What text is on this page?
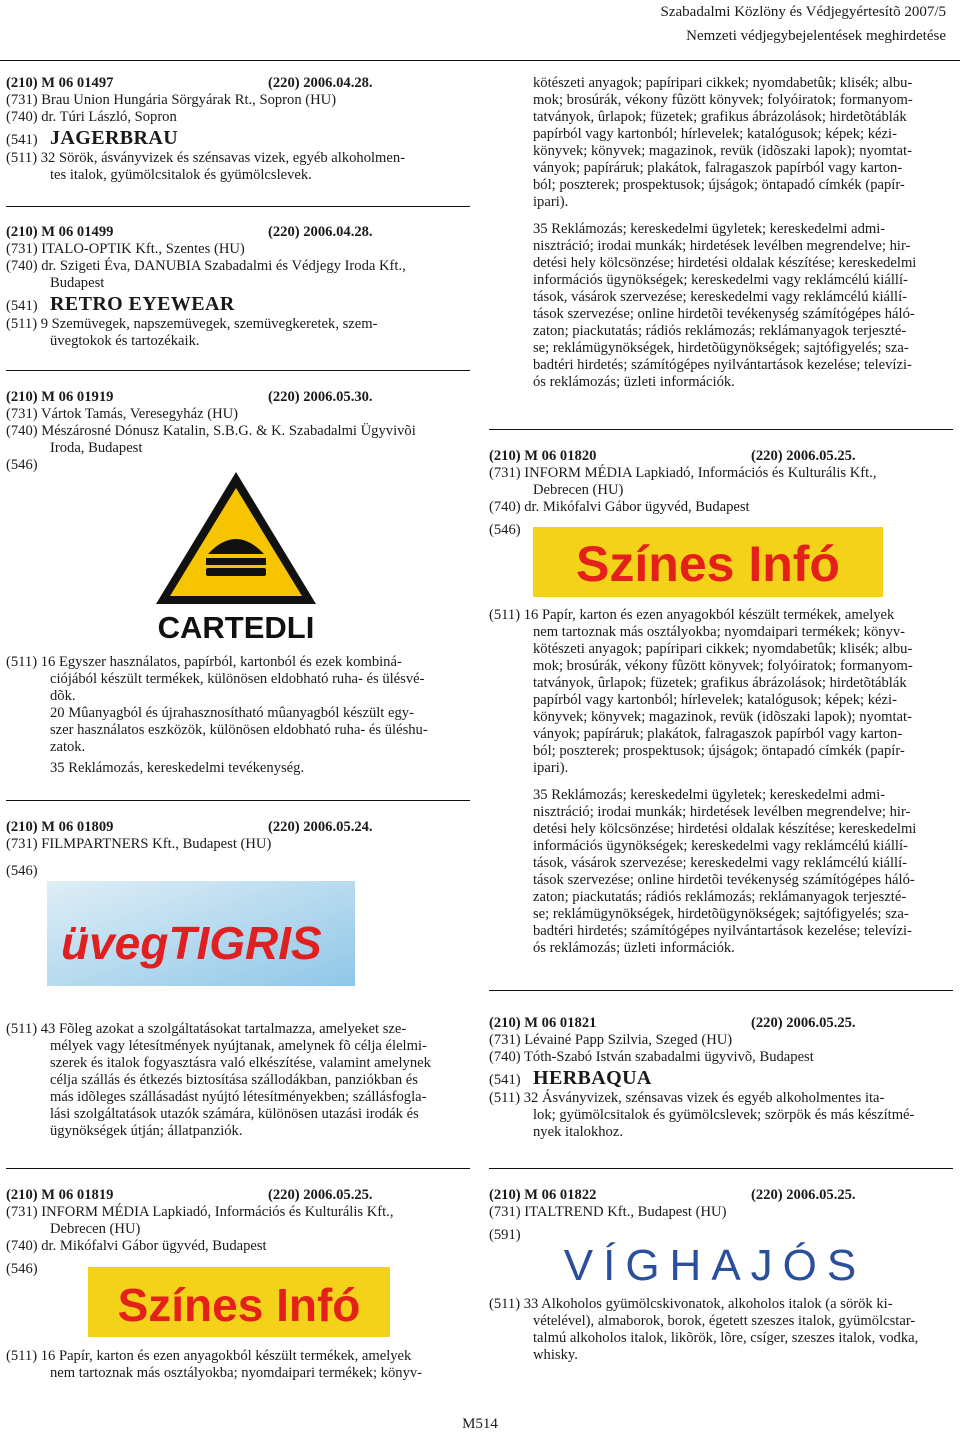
Szabadalmi Közlöny és Védjegyértesítõ 2007/5
Nemzeti védjegybejelentések meghirdetése
(210) M 06 01497	(220) 2006.04.28.
(731) Brau Union Hungária Sörgyárak Rt., Sopron (HU)
(740) dr. Túri László, Sopron
(541) JAGERBRAU
(511) 32 Sörök, ásványvizek és szénsavas vizek, egyéb alkoholmen-
tes italok, gyümölcsitalok és gyümölcslevek.
(210) M 06 01499	(220) 2006.04.28.
(731) ITALO-OPTIK Kft., Szentes (HU)
(740) dr. Szigeti Éva, DANUBIA Szabadalmi és Védjegy Iroda Kft.,
Budapest
(541) RETRO EYEWEAR
(511) 9 Szemüvegek, napszemüvegek, szemüvegkeretek, szem-
üvegtokok és tartozékaik.
(210) M 06 01919	(220) 2006.05.30.
(731) Vártok Tamás, Veresegyház (HU)
(740) Mészárosné Dónusz Katalin, S.B.G. & K. Szabadalmi Ügyvivõi
Iroda, Budapest
(546)
CARTEDLI
(511) 16 Egyszer használatos, papírból, kartonból és ezek kombiná-
ciójából készült termékek, különösen eldobható ruha- és ülésvé-
dõk.
20 Mûanyagból és újrahasznosítható mûanyagból készült egy-
szer használatos eszközök, különösen eldobható ruha- és üléshu-
zatok.
35 Reklámozás, kereskedelmi tevékenység.
(210) M 06 01809	(220) 2006.05.24.
(731) FILMPARTNERS Kft., Budapest (HU)
(546)
üvegTIGRIS
(511) 43 Fõleg azokat a szolgáltatásokat tartalmazza, amelyeket sze-
mélyek vagy létesítmények nyújtanak, amelynek fõ célja élelmi-
szerek és italok fogyasztásra való elkészítése, valamint amelynek
célja szállás és étkezés biztosítása szállodákban, panziókban és
más idõleges szállásadást nyújtó létesítményekben; szállásfogla-
lási szolgáltatások utazók számára, különösen utazási irodák és
ügynökségek útján; állatpanziók.
(210) M 06 01819	(220) 2006.05.25.
(731) INFORM MÉDIA Lapkiadó, Információs és Kulturális Kft.,
Debrecen (HU)
(740) dr. Mikófalvi Gábor ügyvéd, Budapest
(546)
Színes Infó
(511) 16 Papír, karton és ezen anyagokból készült termékek, amelyek
nem tartoznak más osztályokba; nyomdaipari termékek; könyv-
kötészeti anyagok; papíripari cikkek; nyomdabetûk; klisék; albu-
mok; brosúrák, vékony fûzött könyvek; folyóiratok; formanyom-
tatványok, ûrlapok; füzetek; grafikus ábrázolások; hirdetõtáblák
papírból vagy kartonból; hírlevelek; katalógusok; képek; kézi-
könyvek; könyvek; magazinok, revük (idõszaki lapok); nyomtat-
ványok; papíráruk; plakátok, falragaszok papírból vagy karton-
ból; poszterek; prospektusok; újságok; öntapadó címkék (papír-
ipari).
35 Reklámozás; kereskedelmi ügyletek; kereskedelmi admi-
nisztráció; irodai munkák; hirdetések levélben megrendelve; hir-
detési hely kölcsönzése; hirdetési oldalak készítése; kereskedelmi
információs ügynökségek; kereskedelmi vagy reklámcélú kiállí-
tások, vásárok szervezése; kereskedelmi vagy reklámcélú kiállí-
tások szervezése; online hirdetõi tevékenység számítógépes háló-
zaton; piackutatás; rádiós reklámozás; reklámanyagok terjeszté-
se; reklámügynökségek, hirdetõügynökségek; sajtófigyelés; sza-
badtéri hirdetés; számítógépes nyilvántartások kezelése; televízi-
ós reklámozás; üzleti információk.
(210) M 06 01820	(220) 2006.05.25.
(731) INFORM MÉDIA Lapkiadó, Információs és Kulturális Kft.,
Debrecen (HU)
(740) dr. Mikófalvi Gábor ügyvéd, Budapest
(546)
Színes Infó
(511) 16 Papír, karton és ezen anyagokból készült termékek, amelyek
nem tartoznak más osztályokba; nyomdaipari termékek; könyv-
kötészeti anyagok; papíripari cikkek; nyomdabetûk; klisék; albu-
mok; brosúrák, vékony fûzött könyvek; folyóiratok; formanyom-
tatványok, ûrlapok; füzetek; grafikus ábrázolások; hirdetõtáblák
papírból vagy kartonból; hírlevelek; katalógusok; képek; kézi-
könyvek; könyvek; magazinok, revük (idõszaki lapok); nyomtat-
ványok; papíráruk; plakátok, falragaszok papírból vagy karton-
ból; poszterek; prospektusok; újságok; öntapadó címkék (papír-
ipari).
35 Reklámozás; kereskedelmi ügyletek; kereskedelmi admi-
nisztráció; irodai munkák; hirdetések levélben megrendelve; hir-
detési hely kölcsönzése; hirdetési oldalak készítése; kereskedelmi
információs ügynökségek; kereskedelmi vagy reklámcélú kiállí-
tások, vásárok szervezése; kereskedelmi vagy reklámcélú kiállí-
tások szervezése; online hirdetõi tevékenység számítógépes háló-
zaton; piackutatás; rádiós reklámozás; reklámanyagok terjeszté-
se; reklámügynökségek, hirdetõügynökségek; sajtófigyelés; sza-
badtéri hirdetés; számítógépes nyilvántartások kezelése; televízi-
ós reklámozás; üzleti információk.
(210) M 06 01821	(220) 2006.05.25.
(731) Lévainé Papp Szilvia, Szeged (HU)
(740) Tóth-Szabó István szabadalmi ügyvivõ, Budapest
(541) HERBAQUA
(511) 32 Ásványvizek, szénsavas vizek és egyéb alkoholmentes ita-
lok; gyümölcsitalok és gyümölcslevek; szörpök és más készítmé-
nyek italokhoz.
(210) M 06 01822	(220) 2006.05.25.
(731) ITALTREND Kft., Budapest (HU)
(591)
VÍGHAJÓS
(511) 33 Alkoholos gyümölcskivonatok, alkoholos italok (a sörök ki-
vételével), almaborok, borok, égetett szeszes italok, gyümölcstar-
talmú alkoholos italok, likõrök, lõre, csíger, szeszes italok, vodka,
whisky.
M514
